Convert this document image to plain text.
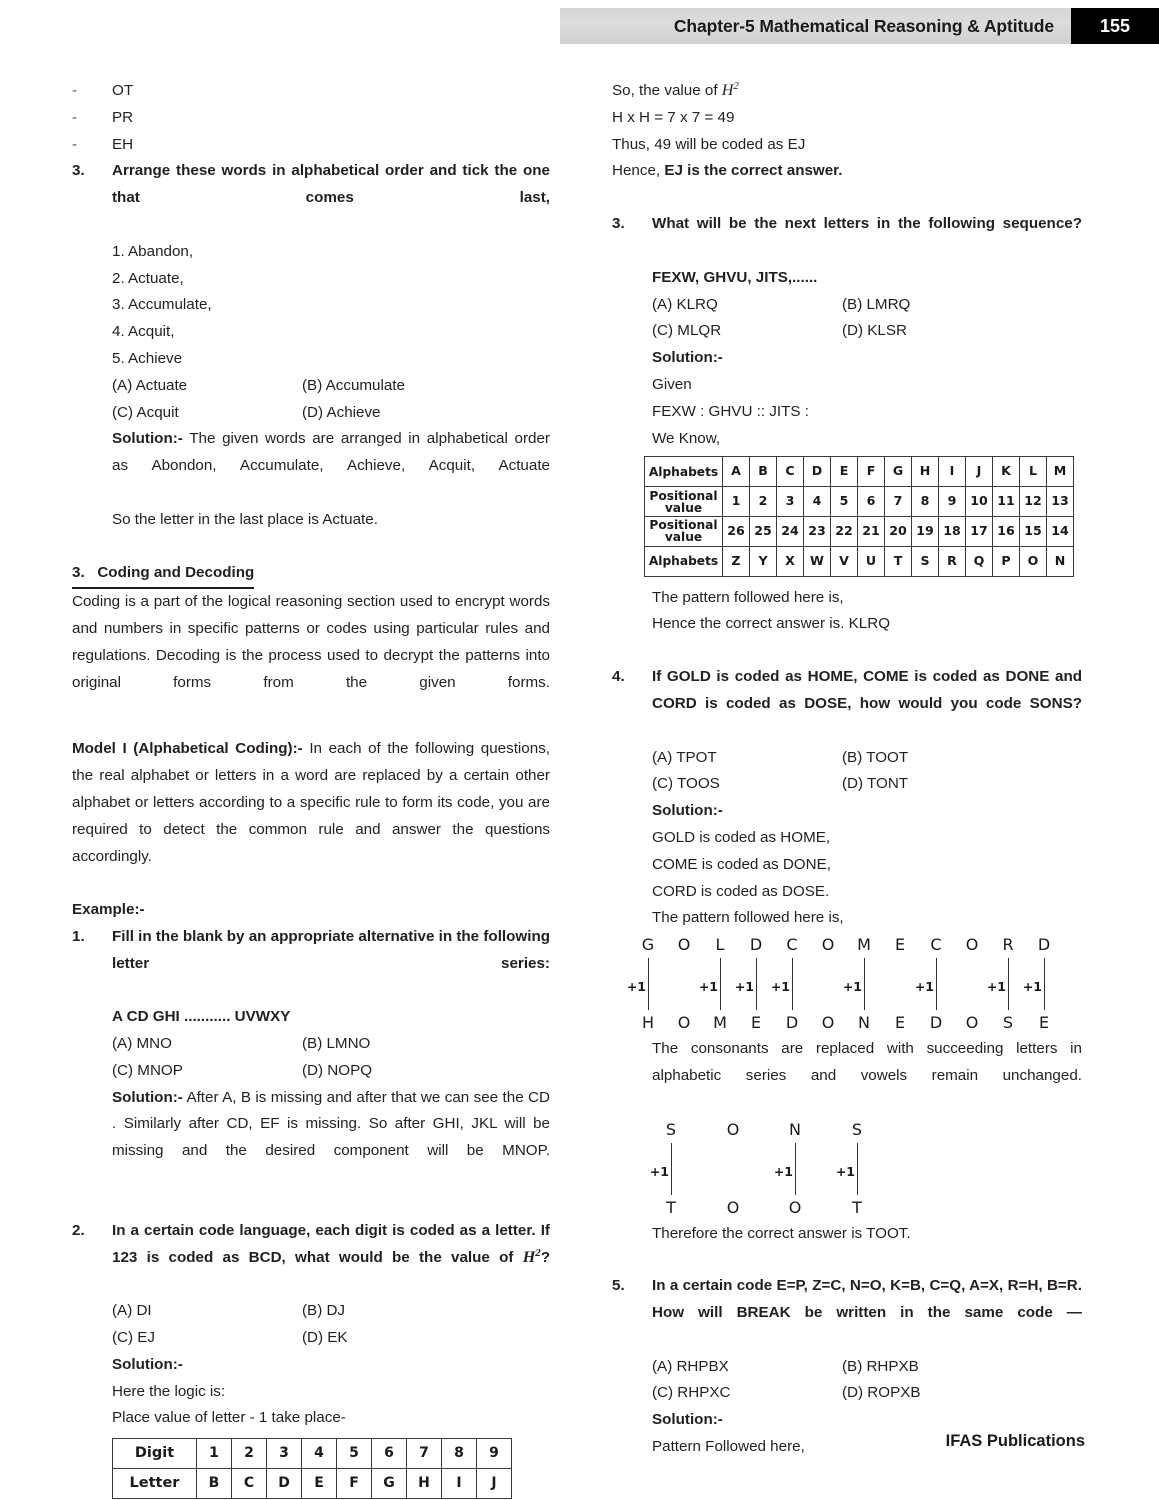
Chapter-5 Mathematical Reasoning & Aptitude	155
-	OT
-	PR
-	EH
3.	Arrange these words in alphabetical order and tick the one that comes last,
1. Abandon,
2. Actuate,
3. Accumulate,
4. Acquit,
5. Achieve
(A) Actuate	(B) Accumulate
(C) Acquit	(D) Achieve
Solution:- The given words are arranged in alphabetical order as Abondon, Accumulate, Achieve, Acquit, Actuate
So the letter in the last place is Actuate.
3. Coding and Decoding
Coding is a part of the logical reasoning section used to encrypt words and numbers in specific patterns or codes using particular rules and regulations. Decoding is the process used to decrypt the patterns into original forms from the given forms.
Model I (Alphabetical Coding):- In each of the following questions, the real alphabet or letters in a word are replaced by a certain other alphabet or letters according to a specific rule to form its code, you are required to detect the common rule and answer the questions accordingly.
Example:-
1.	Fill in the blank by an appropriate alternative in the following letter series:
A CD GHI ........... UVWXY
(A) MNO	(B) LMNO
(C) MNOP	(D) NOPQ
Solution:- After A, B is missing and after that we can see the CD . Similarly after CD, EF is missing. So after GHI, JKL will be missing and the desired component will be MNOP.
2.	In a certain code language, each digit is coded as a letter. If 123 is coded as BCD, what would be the value of $H^2$?
(A) DI	(B) DJ
(C) EJ	(D) EK
Solution:-
Here the logic is:
Place value of letter - 1 take place-
Digit	1	2	3	4	5	6	7	8	9
Letter	B	C	D	E	F	G	H	I	J
So, the value of $H^2$
H x H = 7 x 7 = 49
Thus, 49 will be coded as EJ
Hence, EJ is the correct answer.
3.	What will be the next letters in the following sequence?
FEXW, GHVU, JITS,......
(A) KLRQ	(B) LMRQ
(C) MLQR	(D) KLSR
Solution:-
Given
FEXW : GHVU :: JITS :
We Know,
Alphabets	A	B	C	D	E	F	G	H	I	J	K	L	M
Positional value	1	2	3	4	5	6	7	8	9	10	11	12	13
Positional value	26	25	24	23	22	21	20	19	18	17	16	15	14
Alphabets	Z	Y	X	W	V	U	T	S	R	Q	P	O	N
The pattern followed here is,
Hence the correct answer is. KLRQ
4.	If GOLD is coded as HOME, COME is coded as DONE and CORD is coded as DOSE, how would you code SONS?
(A) TPOT	(B) TOOT
(C) TOOS	(D) TONT
Solution:-
GOLD is coded as HOME,
COME is coded as DONE,
CORD is coded as DOSE.
The pattern followed here is,
G	O	L	D	C	O	M	E	C	O	R	D
+1	+1 +1 +1	+1	+1	+1 +1
H	O	M	E	D	O	N	E	D	O	S	E
The consonants are replaced with succeeding letters in alphabetic series and vowels remain unchanged.
S	O	N	S
+1	+1	+1
T	O	O	T
Therefore the correct answer is TOOT.
5.	In a certain code E=P, Z=C, N=O, K=B, C=Q, A=X, R=H, B=R. How will BREAK be written in the same code —
(A) RHPBX	(B) RHPXB
(C) RHPXC	(D) ROPXB
Solution:-
Pattern Followed here,	IFAS Publications
